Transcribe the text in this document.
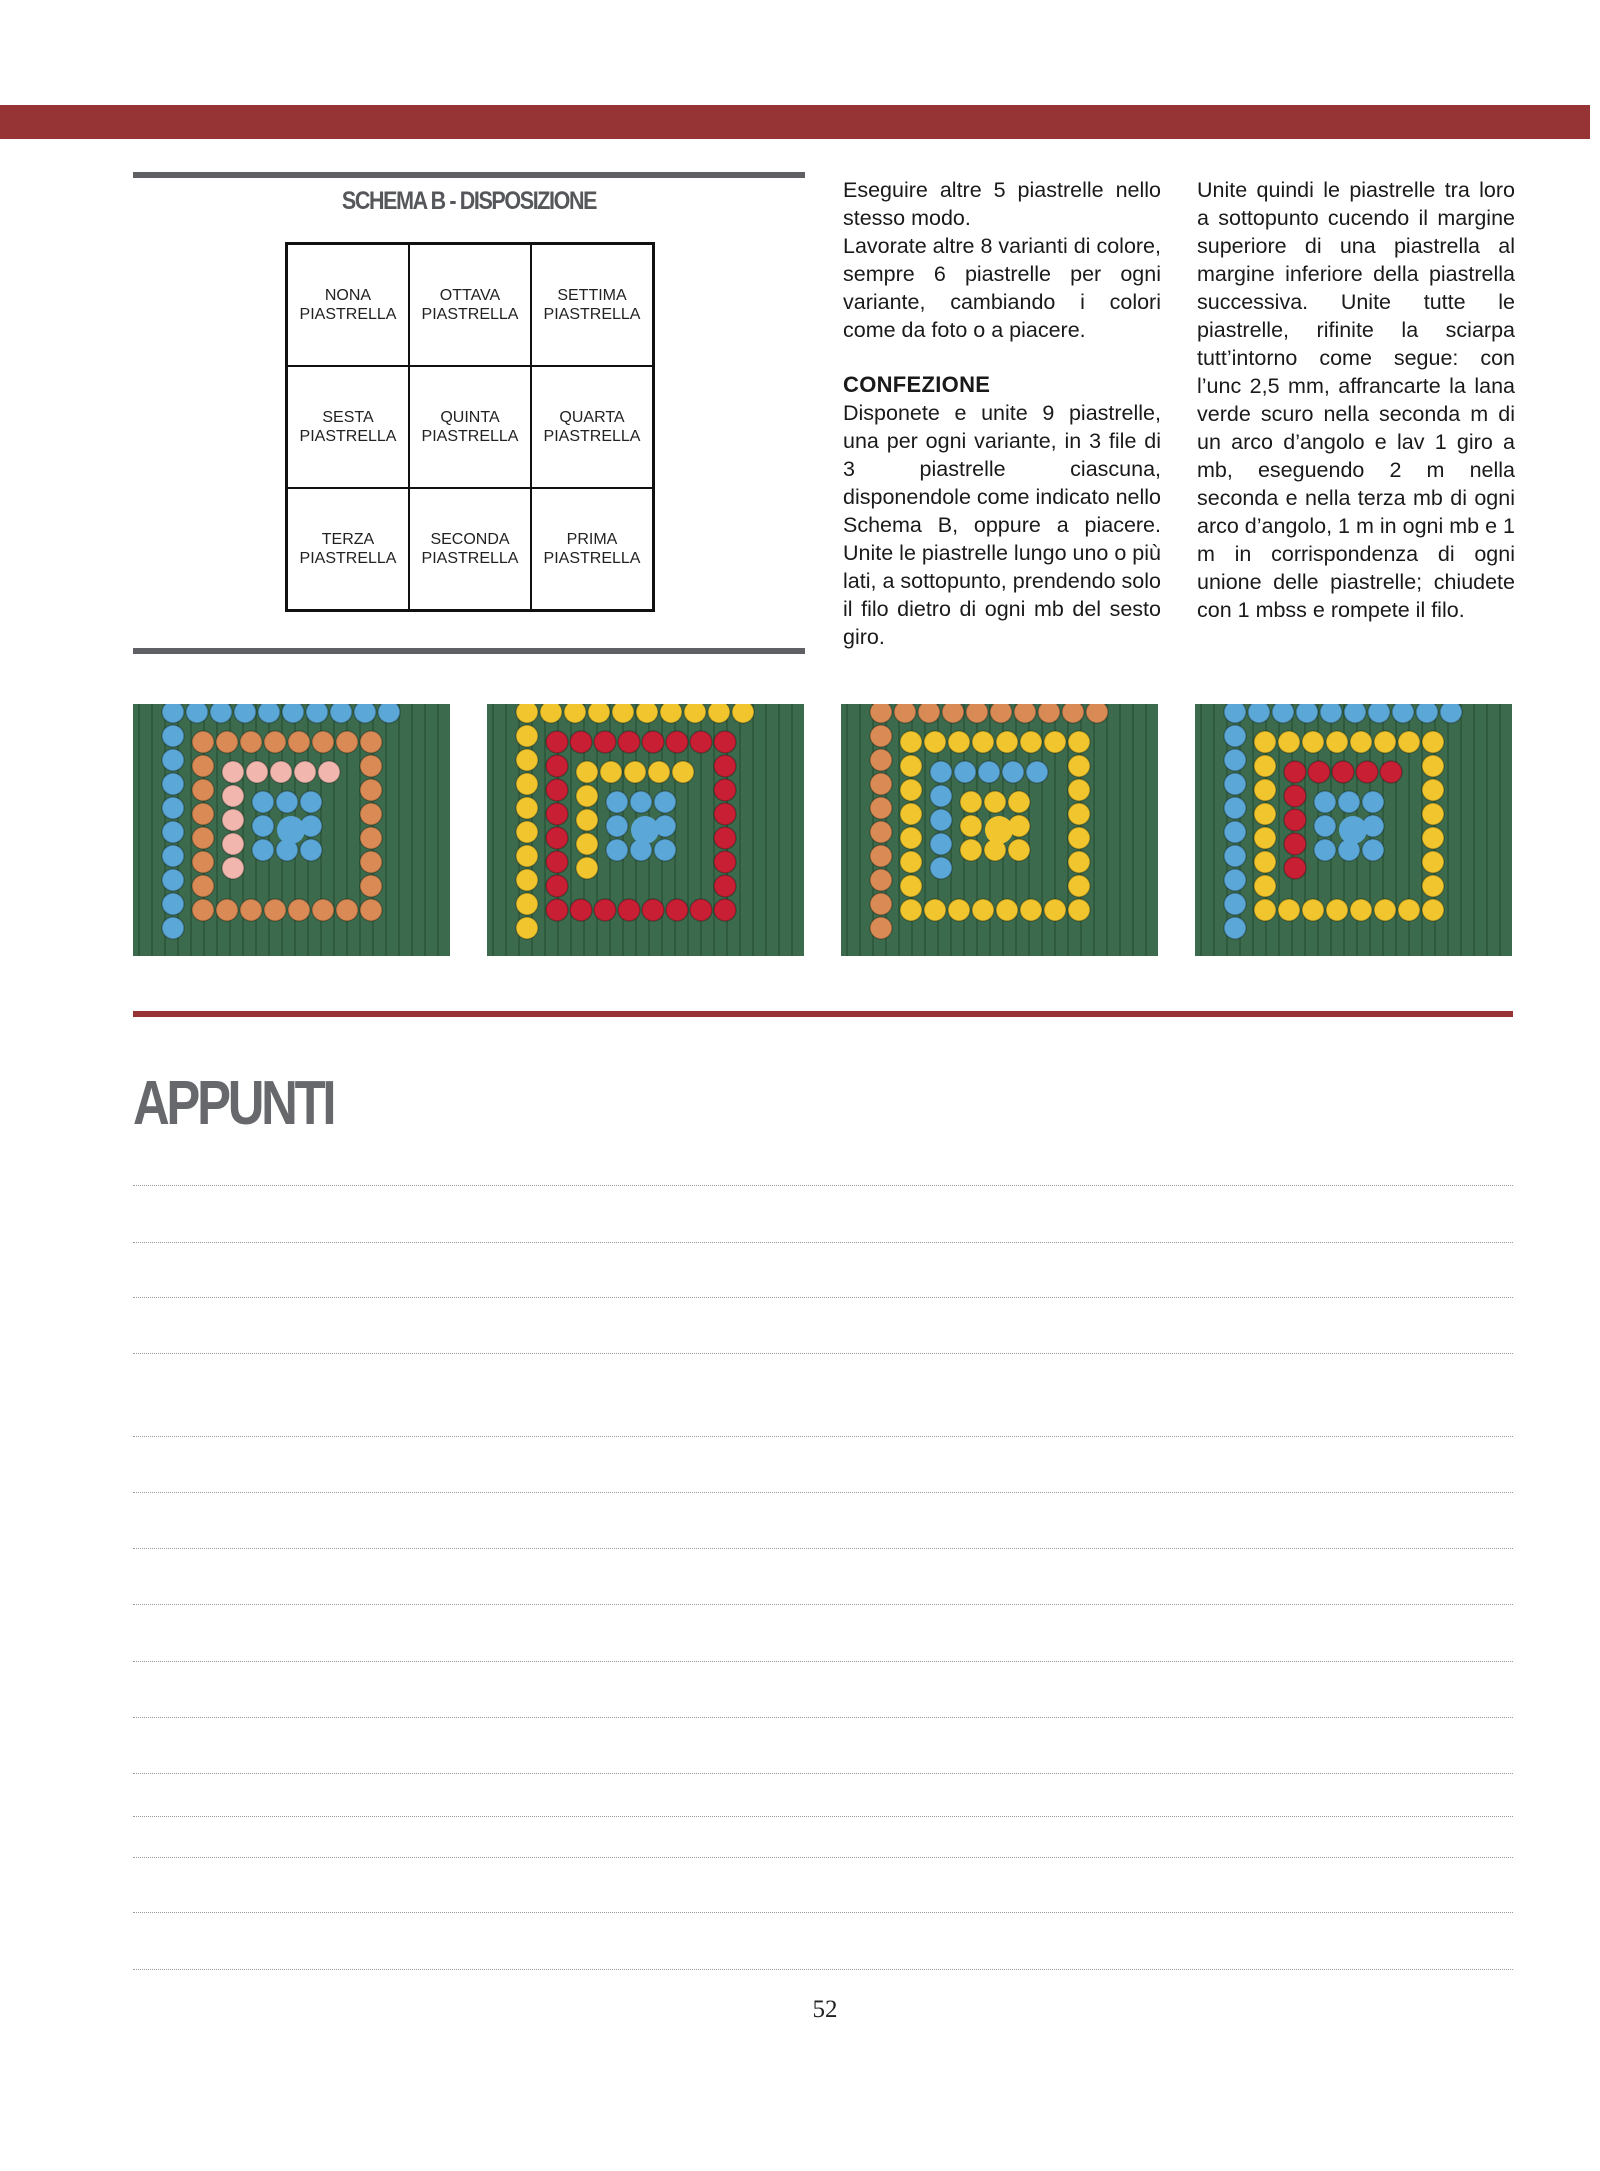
SCHEMA B - DISPOSIZIONE
NONA
PIASTRELLA
OTTAVA
PIASTRELLA
SETTIMA
PIASTRELLA
SESTA
PIASTRELLA
QUINTA
PIASTRELLA
QUARTA
PIASTRELLA
TERZA
PIASTRELLA
SECONDA
PIASTRELLA
PRIMA
PIASTRELLA

Eseguire altre 5 piastrelle nello stesso modo.

Lavorate altre 8 varianti di colore, sempre 6 piastrelle per ogni variante, cambiando i colori come da foto o a piacere.

CONFEZIONE

Disponete e unite 9 piastrelle, una per ogni variante, in 3 file di 3 piastrelle ciascuna, disponendole come indicato nello Schema B, oppure a piacere. Unite le piastrelle lungo uno o più lati, a sottopunto, prendendo solo il filo dietro di ogni mb del sesto giro.

Unite quindi le piastrelle tra loro a sottopunto cucendo il margine superiore di una piastrella al margine inferiore della piastrella successiva. Unite tutte le piastrelle, rifinite la sciarpa tutt’intorno come segue: con l’unc 2,5 mm, affrancarte la lana verde scuro nella seconda m di un arco d’angolo e lav 1 giro a mb, eseguendo 2 m nella seconda e nella terza mb di ogni arco d’angolo, 1 m in ogni mb e 1 m in corrispondenza di ogni unione delle piastrelle; chiudete con 1 mbss e rompete il filo.

APPUNTI
52
